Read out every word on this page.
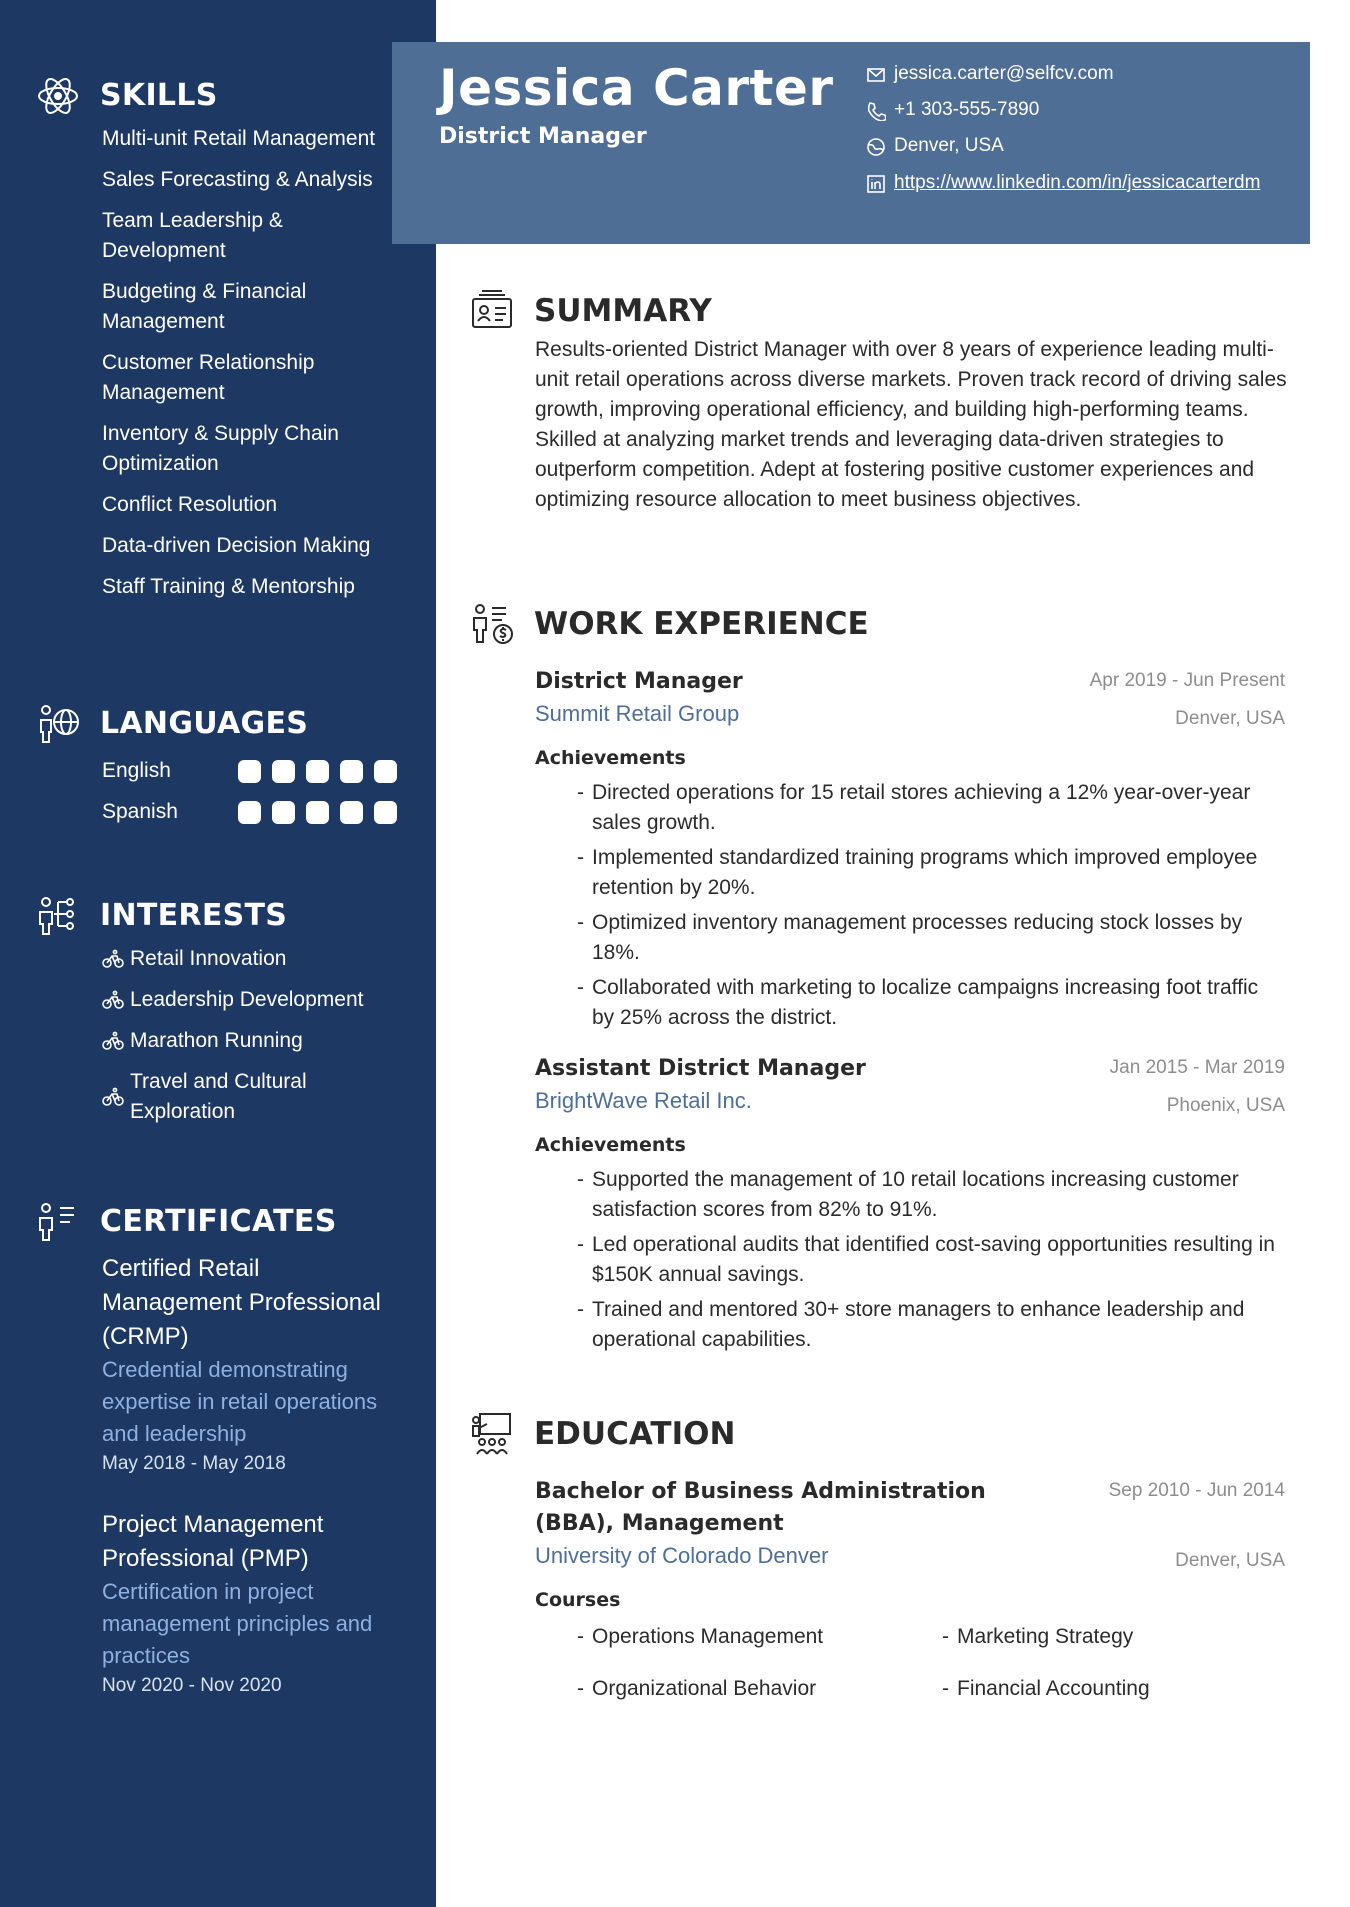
SKILLS
Multi-unit Retail Management
Sales Forecasting & Analysis
Team Leadership & Development
Budgeting & Financial Management
Customer Relationship Management
Inventory & Supply Chain Optimization
Conflict Resolution
Data-driven Decision Making
Staff Training & Mentorship
LANGUAGES
English
Spanish
INTERESTS
Retail Innovation
Leadership Development
Marathon Running
Travel and Cultural Exploration
CERTIFICATES
Certified Retail Management Professional (CRMP)
Credential demonstrating expertise in retail operations and leadership
May 2018 - May 2018
Project Management Professional (PMP)
Certification in project management principles and practices
Nov 2020 - Nov 2020
Jessica Carter
District Manager
jessica.carter@selfcv.com
+1 303-555-7890
Denver, USA
https://www.linkedin.com/in/jessicacarterdm
SUMMARY

Results-oriented District Manager with over 8 years of experience leading multi-unit retail operations across diverse markets. Proven track record of driving sales growth, improving operational efficiency, and building high-performing teams. Skilled at analyzing market trends and leveraging data-driven strategies to outperform competition. Adept at fostering positive customer experiences and optimizing resource allocation to meet business objectives.

WORK EXPERIENCE
District Manager	Apr 2019 - Jun Present
Summit Retail Group	Denver, USA
Achievements
- Directed operations for 15 retail stores achieving a 12% year-over-year sales growth.
- Implemented standardized training programs which improved employee retention by 20%.
- Optimized inventory management processes reducing stock losses by 18%.
- Collaborated with marketing to localize campaigns increasing foot traffic by 25% across the district.
Assistant District Manager	Jan 2015 - Mar 2019
BrightWave Retail Inc.	Phoenix, USA
Achievements
- Supported the management of 10 retail locations increasing customer satisfaction scores from 82% to 91%.
- Led operational audits that identified cost-saving opportunities resulting in $150K annual savings.
- Trained and mentored 30+ store managers to enhance leadership and operational capabilities.
EDUCATION
Bachelor of Business Administration (BBA), Management
Sep 2010 - Jun 2014
University of Colorado Denver	Denver, USA
Courses
- Operations Management	- Marketing Strategy
- Organizational Behavior	- Financial Accounting
